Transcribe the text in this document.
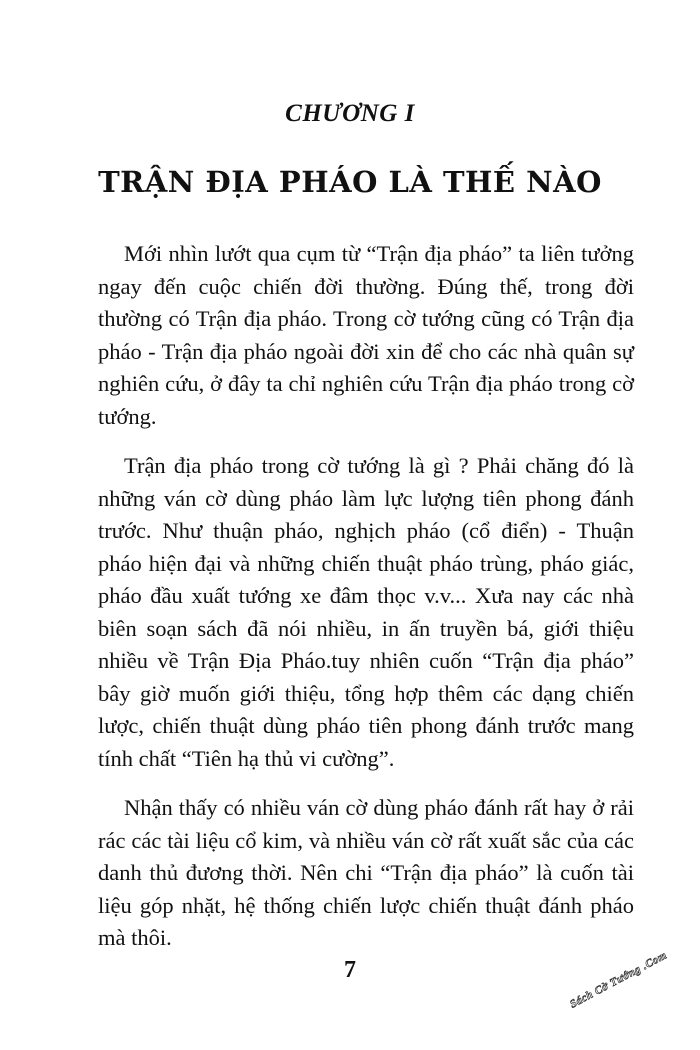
CHƯƠNG I
TRẬN ĐỊA PHÁO LÀ THẾ NÀO

Mới nhìn lướt qua cụm từ “Trận địa pháo” ta liên tưởng ngay đến cuộc chiến đời thường. Đúng thế, trong đời thường có Trận địa pháo. Trong cờ tướng cũng có Trận địa pháo - Trận địa pháo ngoài đời xin để cho các nhà quân sự nghiên cứu, ở đây ta chỉ nghiên cứu Trận địa pháo trong cờ tướng.

Trận địa pháo trong cờ tướng là gì ? Phải chăng đó là những ván cờ dùng pháo làm lực lượng tiên phong đánh trước. Như thuận pháo, nghịch pháo (cổ điển) - Thuận pháo hiện đại và những chiến thuật pháo trùng, pháo giác, pháo đầu xuất tướng xe đâm thọc v.v... Xưa nay các nhà biên soạn sách đã nói nhiều, in ấn truyền bá, giới thiệu nhiều về Trận Địa Pháo.tuy nhiên cuốn “Trận địa pháo” bây giờ muốn giới thiệu, tổng hợp thêm các dạng chiến lược, chiến thuật dùng pháo tiên phong đánh trước mang tính chất “Tiên hạ thủ vi cường”.

Nhận thấy có nhiều ván cờ dùng pháo đánh rất hay ở rải rác các tài liệu cổ kim, và nhiều ván cờ rất xuất sắc của các danh thủ đương thời. Nên chi “Trận địa pháo” là cuốn tài liệu góp nhặt, hệ thống chiến lược chiến thuật đánh pháo mà thôi.

7	Sách Cờ Tướng .Com
